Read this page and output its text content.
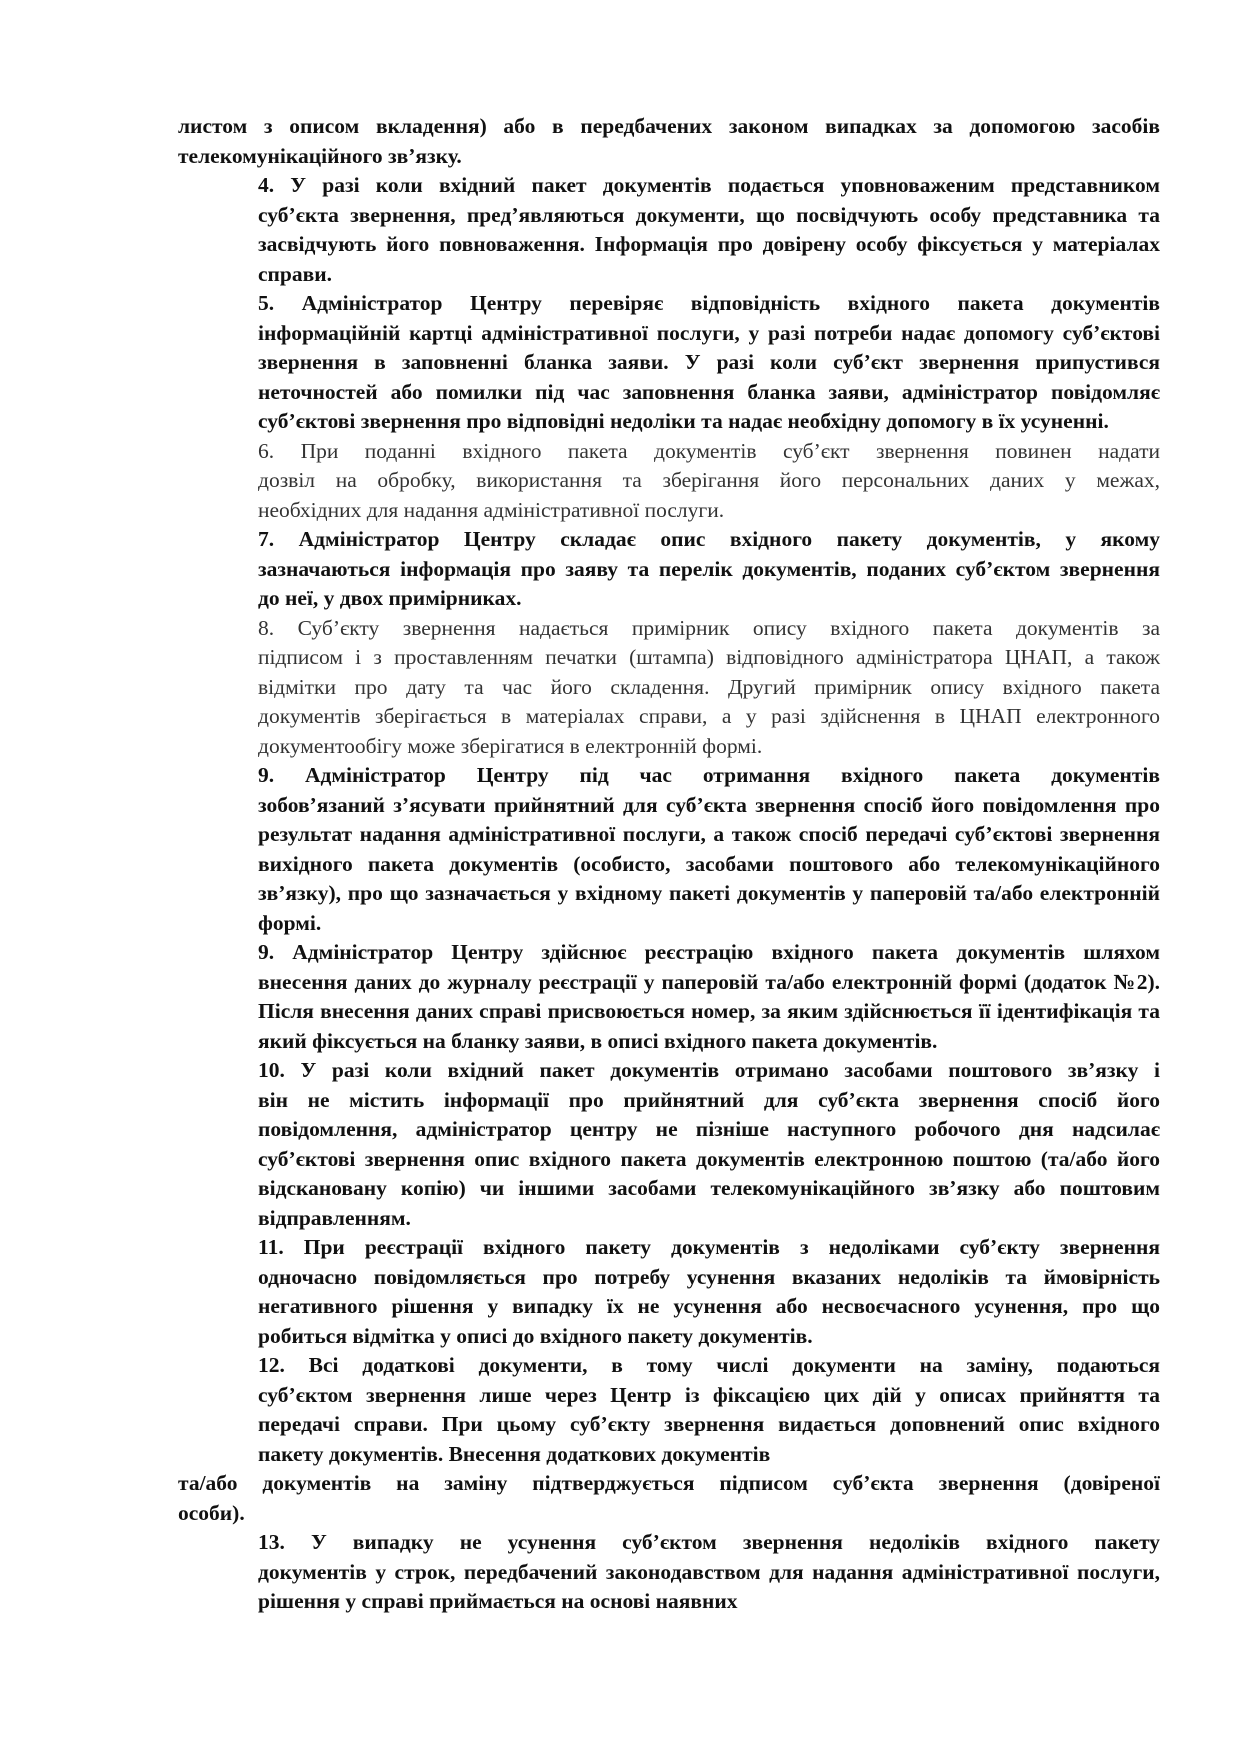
листом з описом вкладення) або в передбачених законом випадках за допомогою засобів
телекомунікаційного зв’язку.

4. У разі коли вхідний пакет документів подається уповноваженим представником
суб’єкта звернення, пред’являються документи, що посвідчують особу представника та
засвідчують його повноваження. Інформація про довірену особу фіксується у матеріалах
справи.

5. Адміністратор Центру перевіряє відповідність вхідного пакета документів
інформаційній картці адміністративної послуги, у разі потреби надає допомогу суб’єктові
звернення в заповненні бланка заяви. У разі коли суб’єкт звернення припустився
неточностей або помилки під час заповнення бланка заяви, адміністратор повідомляє
суб’єктові звернення про відповідні недоліки та надає необхідну допомогу в їх усуненні.

6. При поданні вхідного пакета документів суб’єкт звернення повинен надати
дозвіл на обробку, використання та зберігання його персональних даних у межах,
необхідних для надання адміністративної послуги.

7. Адміністратор Центру складає опис вхідного пакету документів, у якому
зазначаються інформація про заяву та перелік документів, поданих суб’єктом звернення
до неї, у двох примірниках.

8. Суб’єкту звернення надається примірник опису вхідного пакета документів за
підписом і з проставленням печатки (штампа) відповідного адміністратора ЦНАП, а також
відмітки про дату та час його складення. Другий примірник опису вхідного пакета
документів зберігається в матеріалах справи, а у разі здійснення в ЦНАП електронного
документообігу може зберігатися в електронній формі.

9. Адміністратор Центру під час отримання вхідного пакета документів
зобов’язаний з’ясувати прийнятний для суб’єкта звернення спосіб його повідомлення про
результат надання адміністративної послуги, а також спосіб передачі суб’єктові звернення
вихідного пакета документів (особисто, засобами поштового або телекомунікаційного
зв’язку), про що зазначається у вхідному пакеті документів у паперовій та/або електронній
формі.

9. Адміністратор Центру здійснює реєстрацію вхідного пакета документів шляхом
внесення даних до журналу реєстрації у паперовій та/або електронній формі (додаток №2).
Після внесення даних справі присвоюється номер, за яким здійснюється її ідентифікація та
який фіксується на бланку заяви, в описі вхідного пакета документів.

10. У разі коли вхідний пакет документів отримано засобами поштового зв’язку і
він не містить інформації про прийнятний для суб’єкта звернення спосіб його
повідомлення, адміністратор центру не пізніше наступного робочого дня надсилає
суб’єктові звернення опис вхідного пакета документів електронною поштою (та/або його
відскановану копію) чи іншими засобами телекомунікаційного зв’язку або поштовим
відправленням.

11. При реєстрації вхідного пакету документів з недоліками суб’єкту звернення
одночасно повідомляється про потребу усунення вказаних недоліків та ймовірність
негативного рішення у випадку їх не усунення або несвоєчасного усунення, про що
робиться відмітка у описі до вхідного пакету документів.

12. Всі додаткові документи, в тому числі документи на заміну, подаються
суб’єктом звернення лише через Центр із фіксацією цих дій у описах прийняття та
передачі справи. При цьому суб’єкту звернення видається доповнений опис вхідного
пакету документів. Внесення додаткових документів

та/або документів на заміну підтверджується підписом суб’єкта звернення (довіреної
особи).

13. У випадку не усунення суб’єктом звернення недоліків вхідного пакету
документів у строк, передбачений законодавством для надання адміністративної послуги,
рішення у справі приймається на основі наявних
